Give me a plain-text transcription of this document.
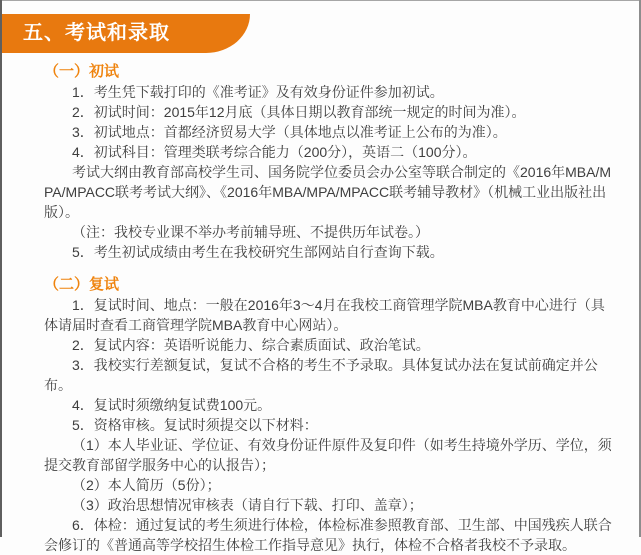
五、考试和录取
（一）初试

1．考生凭下载打印的《准考证》及有效身份证件参加初试。

2．初试时间：2015年12月底（具体日期以教育部统一规定的时间为准）。

3．初试地点：首都经济贸易大学（具体地点以准考证上公布的为准）。

4．初试科目：管理类联考综合能力（200分），英语二（100分）。

考试大纲由教育部高校学生司、国务院学位委员会办公室等联合制定的《2016年MBA/MPA/MPACC联考考试大纲》、《2016年MBA/MPA/MPACC联考辅导教材》（机械工业出版社出版）。

（注：我校专业课不举办考前辅导班、不提供历年试卷。）

5．考生初试成绩由考生在我校研究生部网站自行查询下载。

（二）复试

1．复试时间、地点：一般在2016年3～4月在我校工商管理学院MBA教育中心进行（具体请届时查看工商管理学院MBA教育中心网站）。

2．复试内容：英语听说能力、综合素质面试、政治笔试。

3．我校实行差额复试，复试不合格的考生不予录取。具体复试办法在复试前确定并公布。

4．复试时须缴纳复试费100元。

5．资格审核。复试时须提交以下材料：

（1）本人毕业证、学位证、有效身份证件原件及复印件（如考生持境外学历、学位，须提交教育部留学服务中心的认报告）；

（2）本人简历（5份）；

（3）政治思想情况审核表（请自行下载、打印、盖章）；

6．体检：通过复试的考生须进行体检，体检标准参照教育部、卫生部、中国残疾人联合会修订的《普通高等学校招生体检工作指导意见》执行，体检不合格者我校不予录取。
